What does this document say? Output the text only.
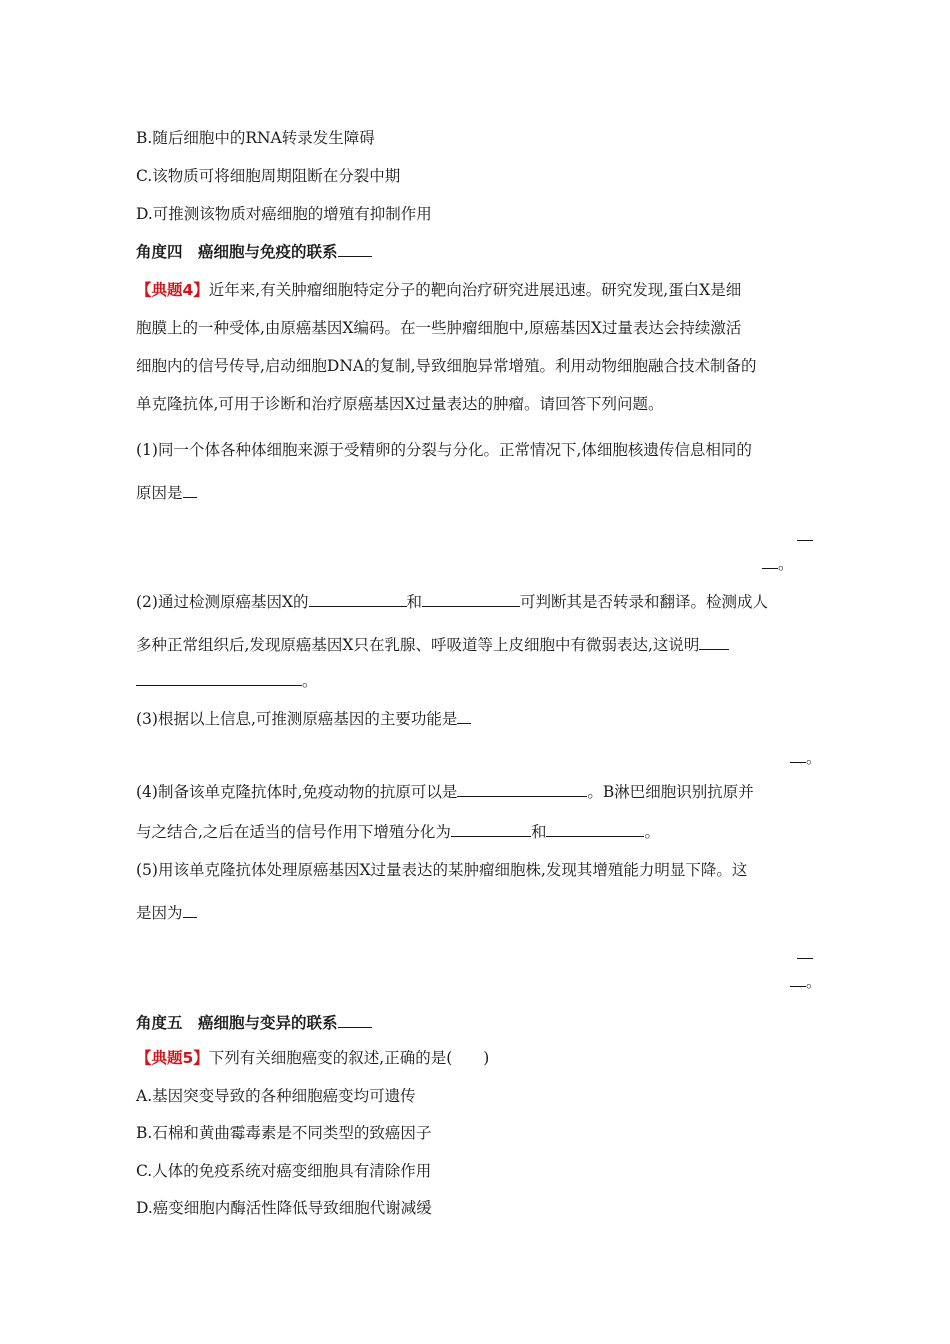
B.随后细胞中的RNA转录发生障碍
C.该物质可将细胞周期阻断在分裂中期
D.可推测该物质对癌细胞的增殖有抑制作用
角度四　癌细胞与免疫的联系
【典题4】近年来,有关肿瘤细胞特定分子的靶向治疗研究进展迅速。研究发现,蛋白X是细
胞膜上的一种受体,由原癌基因X编码。在一些肿瘤细胞中,原癌基因X过量表达会持续激活
细胞内的信号传导,启动细胞DNA的复制,导致细胞异常增殖。利用动物细胞融合技术制备的
单克隆抗体,可用于诊断和治疗原癌基因X过量表达的肿瘤。请回答下列问题。
(1)同一个体各种体细胞来源于受精卵的分裂与分化。正常情况下,体细胞核遗传信息相同的
原因是
。
(2)通过检测原癌基因X的	和	可判断其是否转录和翻译。检测成人
多种正常组织后,发现原癌基因X只在乳腺、呼吸道等上皮细胞中有微弱表达,这说明
。
(3)根据以上信息,可推测原癌基因的主要功能是
。
(4)制备该单克隆抗体时,免疫动物的抗原可以是	。B淋巴细胞识别抗原并
与之结合,之后在适当的信号作用下增殖分化为	和	。
(5)用该单克隆抗体处理原癌基因X过量表达的某肿瘤细胞株,发现其增殖能力明显下降。这
是因为
。
角度五　癌细胞与变异的联系
【典题5】下列有关细胞癌变的叙述,正确的是(　　)
A.基因突变导致的各种细胞癌变均可遗传
B.石棉和黄曲霉毒素是不同类型的致癌因子
C.人体的免疫系统对癌变细胞具有清除作用
D.癌变细胞内酶活性降低导致细胞代谢减缓
